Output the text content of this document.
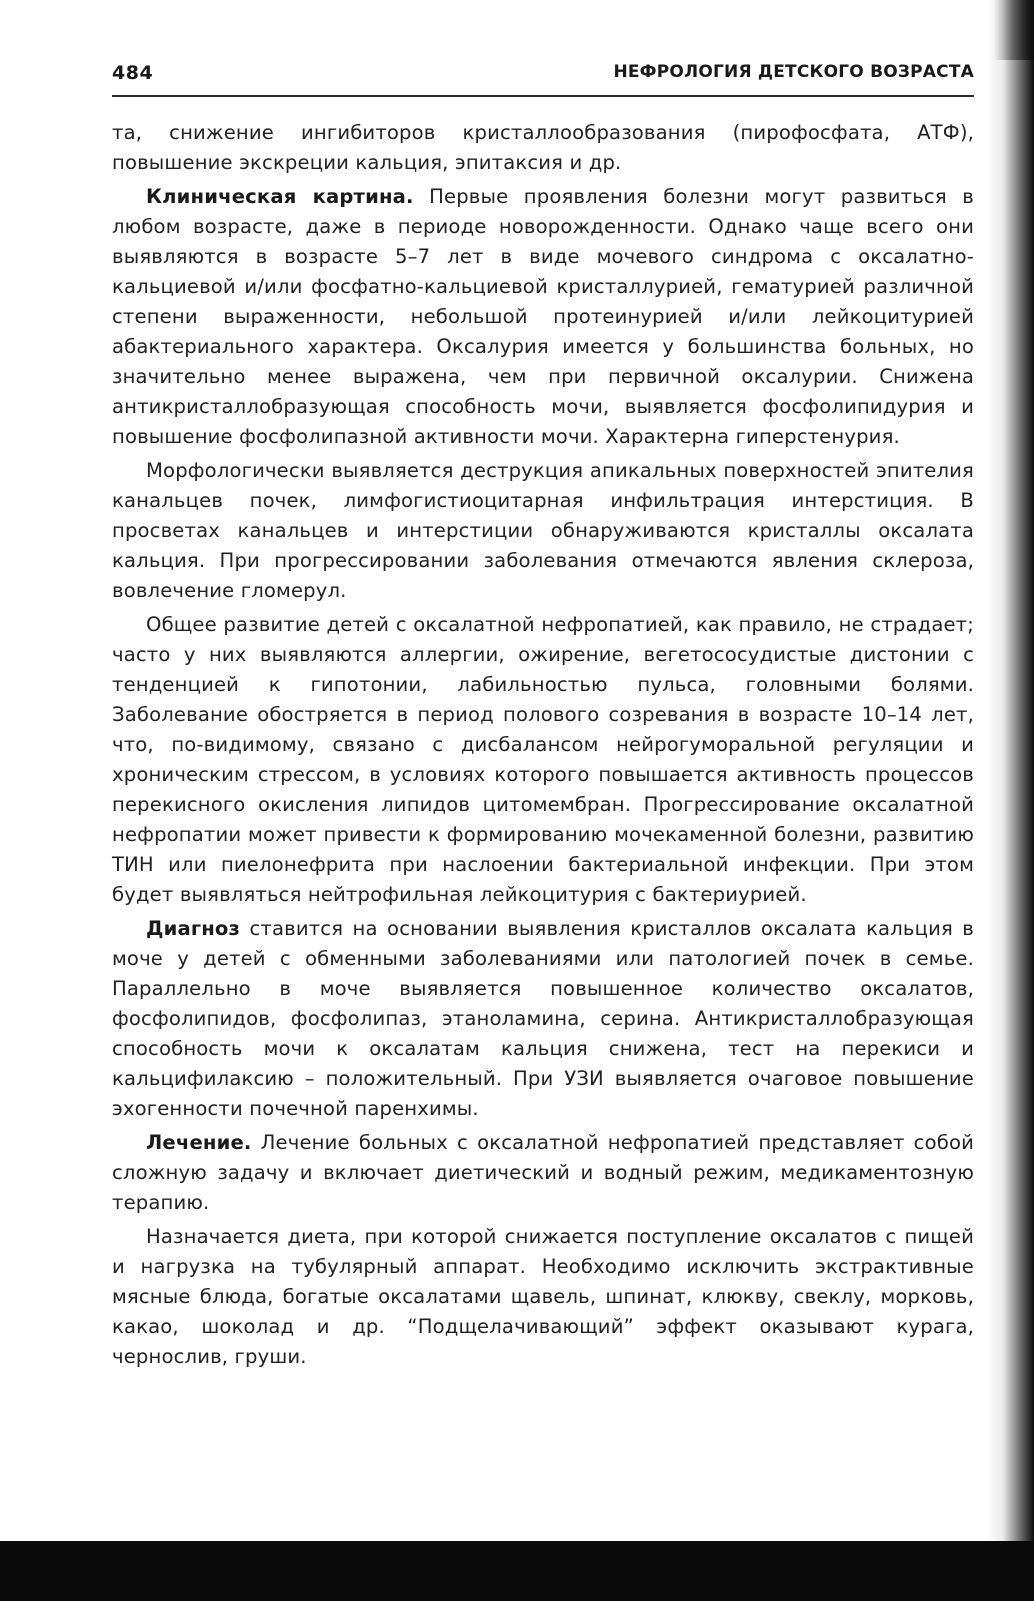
484	НЕФРОЛОГИЯ ДЕТСКОГО ВОЗРАСТА

та, снижение ингибиторов кристаллообразования (пирофосфата, АТФ), повышение экскреции кальция, эпитаксия и др.

Клиническая картина. Первые проявления болезни могут развиться в любом возрасте, даже в периоде новорожденности. Однако чаще всего они выявляются в возрасте 5–7 лет в виде мочевого синдрома с оксалатно-кальциевой и/или фосфатно-кальциевой кристаллурией, гематурией различной степени выраженности, небольшой протеинурией и/или лейкоцитурией абактериального характера. Оксалурия имеется у большинства больных, но значительно менее выражена, чем при первичной оксалурии. Снижена антикристаллобразующая способность мочи, выявляется фосфолипидурия и повышение фосфолипазной активности мочи. Характерна гиперстенурия.

Морфологически выявляется деструкция апикальных поверхностей эпителия канальцев почек, лимфогистиоцитарная инфильтрация интерстиция. В просветах канальцев и интерстиции обнаруживаются кристаллы оксалата кальция. При прогрессировании заболевания отмечаются явления склероза, вовлечение гломерул.

Общее развитие детей с оксалатной нефропатией, как правило, не страдает; часто у них выявляются аллергии, ожирение, вегетососудистые дистонии с тенденцией к гипотонии, лабильностью пульса, головными болями. Заболевание обостряется в период полового созревания в возрасте 10–14 лет, что, по-видимому, связано с дисбалансом нейрогуморальной регуляции и хроническим стрессом, в условиях которого повышается активность процессов перекисного окисления липидов цитомембран. Прогрессирование оксалатной нефропатии может привести к формированию мочекаменной болезни, развитию ТИН или пиелонефрита при наслоении бактериальной инфекции. При этом будет выявляться нейтрофильная лейкоцитурия с бактериурией.

Диагноз ставится на основании выявления кристаллов оксалата кальция в моче у детей с обменными заболеваниями или патологией почек в семье. Параллельно в моче выявляется повышенное количество оксалатов, фосфолипидов, фосфолипаз, этаноламина, серина. Антикристаллобразующая способность мочи к оксалатам кальция снижена, тест на перекиси и кальцифилаксию – положительный. При УЗИ выявляется очаговое повышение эхогенности почечной паренхимы.

Лечение. Лечение больных с оксалатной нефропатией представляет собой сложную задачу и включает диетический и водный режим, медикаментозную терапию.

Назначается диета, при которой снижается поступление оксалатов с пищей и нагрузка на тубулярный аппарат. Необходимо исключить экстрактивные мясные блюда, богатые оксалатами щавель, шпинат, клюкву, свеклу, морковь, какао, шоколад и др. “Подщелачивающий” эффект оказывают курага, чернослив, груши.
